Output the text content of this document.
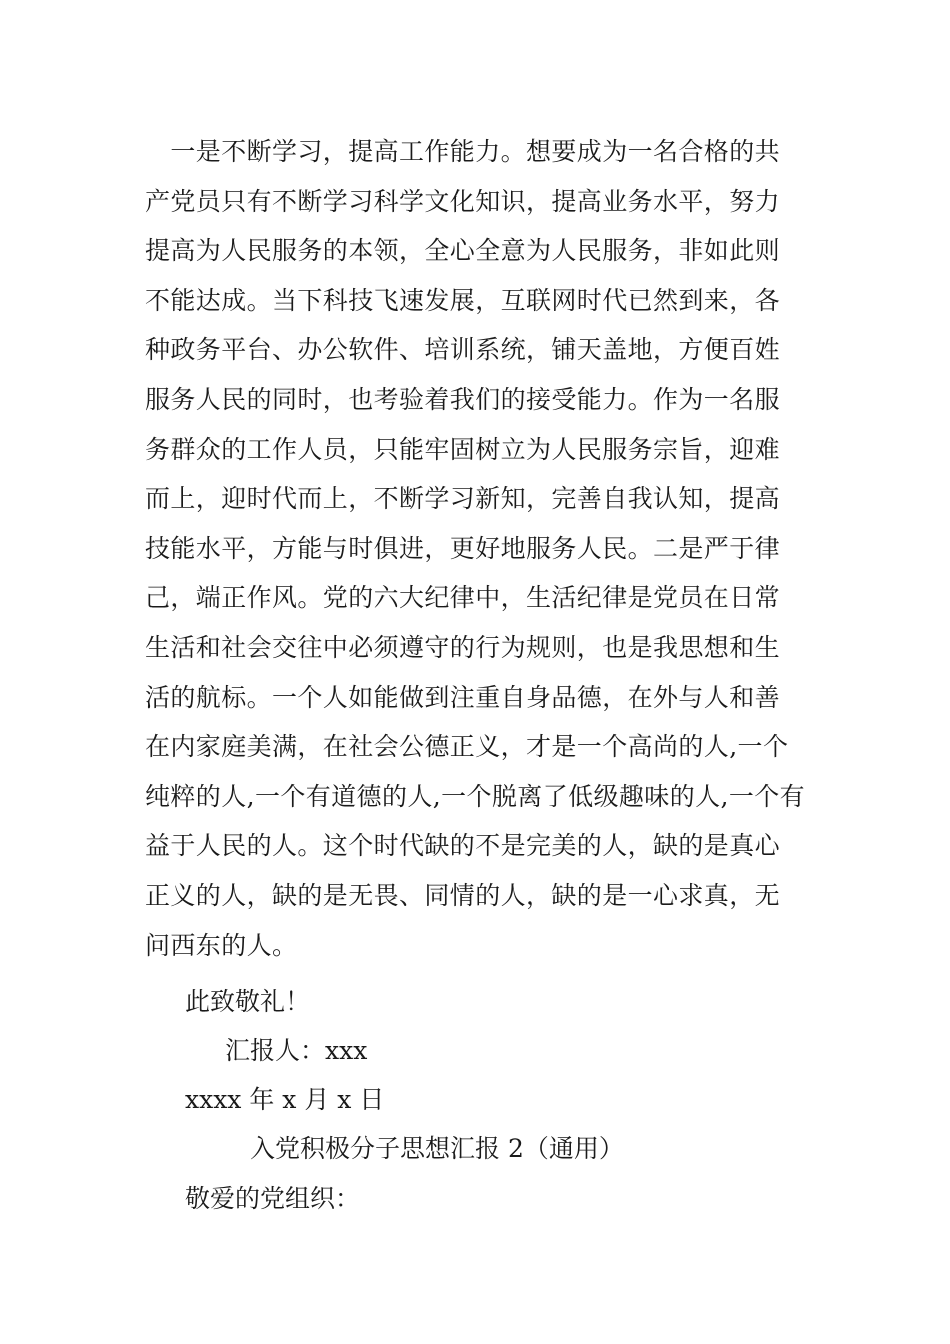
　一是不断学习，提高工作能力。想要成为一名合格的共
产党员只有不断学习科学文化知识，提高业务水平，努力
提高为人民服务的本领，全心全意为人民服务，非如此则
不能达成。当下科技飞速发展，互联网时代已然到来，各
种政务平台、办公软件、培训系统，铺天盖地，方便百姓
服务人民的同时，也考验着我们的接受能力。作为一名服
务群众的工作人员，只能牢固树立为人民服务宗旨，迎难
而上，迎时代而上，不断学习新知，完善自我认知，提高
技能水平，方能与时俱进，更好地服务人民。二是严于律
己，端正作风。党的六大纪律中，生活纪律是党员在日常
生活和社会交往中必须遵守的行为规则，也是我思想和生
活的航标。一个人如能做到注重自身品德，在外与人和善
在内家庭美满，在社会公德正义，才是一个高尚的人,一个
纯粹的人,一个有道德的人,一个脱离了低级趣味的人,一个有
益于人民的人。这个时代缺的不是完美的人，缺的是真心
正义的人，缺的是无畏、同情的人，缺的是一心求真，无
问西东的人。

此致敬礼！
汇报人：xxx
xxxx 年 x 月 x 日
入党积极分子思想汇报 2（通用）
敬爱的党组织：
